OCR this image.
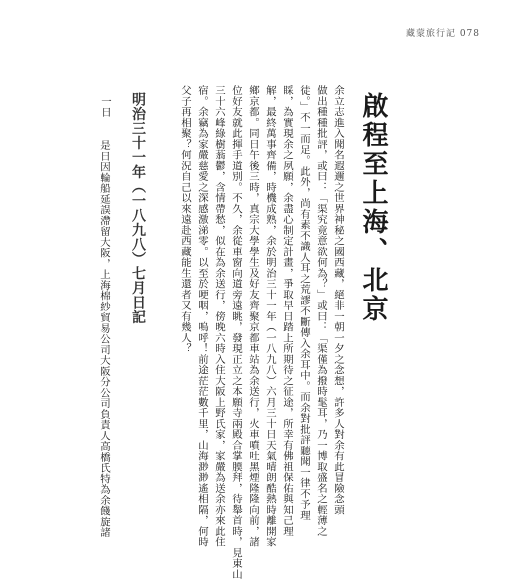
藏蒙旅行記 078
啟程至上海、北京
余立志進入聞名遐邇之世界神秘之國西藏，絕非一朝一夕之念想，許多人對余有此冒險念頭
做出種種批評，或曰：「渠究竟意欲何為？」或曰：「渠僅為撥時髦耳，乃一博取盛名之輕薄之
徒。」不一而足。此外，尚有素不識人耳之荒謬不斷傳入余耳中。而余對批評聽聞一律不予理
睬，為實現余之夙願，余盡心制定計畫，爭取早日踏上所期待之征途，所幸有佛祖保佑與知己理
解，最終萬事齊備，時機成熟，余於明治三十一年（一八九八）六月三十日天氣晴朗酷熱時離開家
鄉京都。同日午後三時，真宗大學學生及好友齊聚京都車站為余送行，火車噴吐黑煙隆隆向前，諸
位好友就此揮手道別。不久，余從車窗向道旁遠眺，發現正立之本願寺兩殿合掌膜拜，待舉首時，見東山
三十六峰綠樹蓊鬱，含情帶愁，似在為余送行，傍晚六時入住大阪上野氏家，家嚴為送余亦來此住
宿。余竊為家嚴慈愛之深感激涕零。以至於哽咽，嗚呼！前途茫茫數千里，山海渺渺遙相隔，何時
父子再相聚？何況自己以來遠赴西藏能生還者又有幾人？
明治三十一年（一八九八）七月日記
一日
是日因輪船延誤滯留大阪，上海棉紗貿易公司大阪分公司負責人高橋氏特為余餞旋諸
